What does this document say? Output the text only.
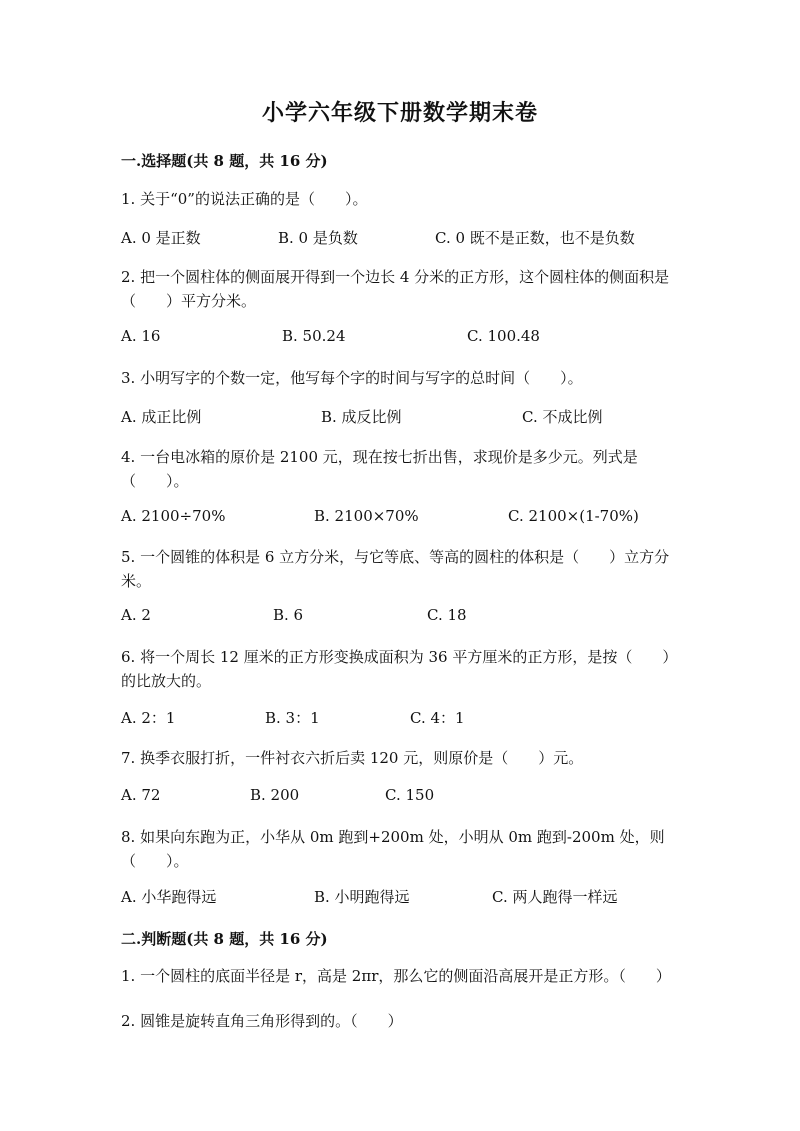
小学六年级下册数学期末卷
一.选择题(共 8 题，共 16 分)
1. 关于“0”的说法正确的是（　　）。
A. 0 是正数	B. 0 是负数	C. 0 既不是正数，也不是负数
2. 把一个圆柱体的侧面展开得到一个边长 4 分米的正方形，这个圆柱体的侧面积是（　　）平方分米。
A. 16	B. 50.24	C. 100.48
3. 小明写字的个数一定，他写每个字的时间与写字的总时间（　　）。
A. 成正比例	B. 成反比例	C. 不成比例
4. 一台电冰箱的原价是 2100 元，现在按七折出售，求现价是多少元。列式是（　　）。
A. 2100÷70%	B. 2100×70%	C. 2100×(1-70%)
5. 一个圆锥的体积是 6 立方分米，与它等底、等高的圆柱的体积是（　　）立方分米。
A. 2	B. 6	C. 18
6. 将一个周长 12 厘米的正方形变换成面积为 36 平方厘米的正方形，是按（　　）的比放大的。
A. 2：1	B. 3：1	C. 4：1
7. 换季衣服打折，一件衬衣六折后卖 120 元，则原价是（　　）元。
A. 72	B. 200	C. 150
8. 如果向东跑为正，小华从 0m 跑到+200m 处，小明从 0m 跑到-200m 处，则（　　）。
A. 小华跑得远	B. 小明跑得远	C. 两人跑得一样远
二.判断题(共 8 题，共 16 分)
1. 一个圆柱的底面半径是 r，高是 2πr，那么它的侧面沿高展开是正方形。（　　）
2. 圆锥是旋转直角三角形得到的。（　　）
